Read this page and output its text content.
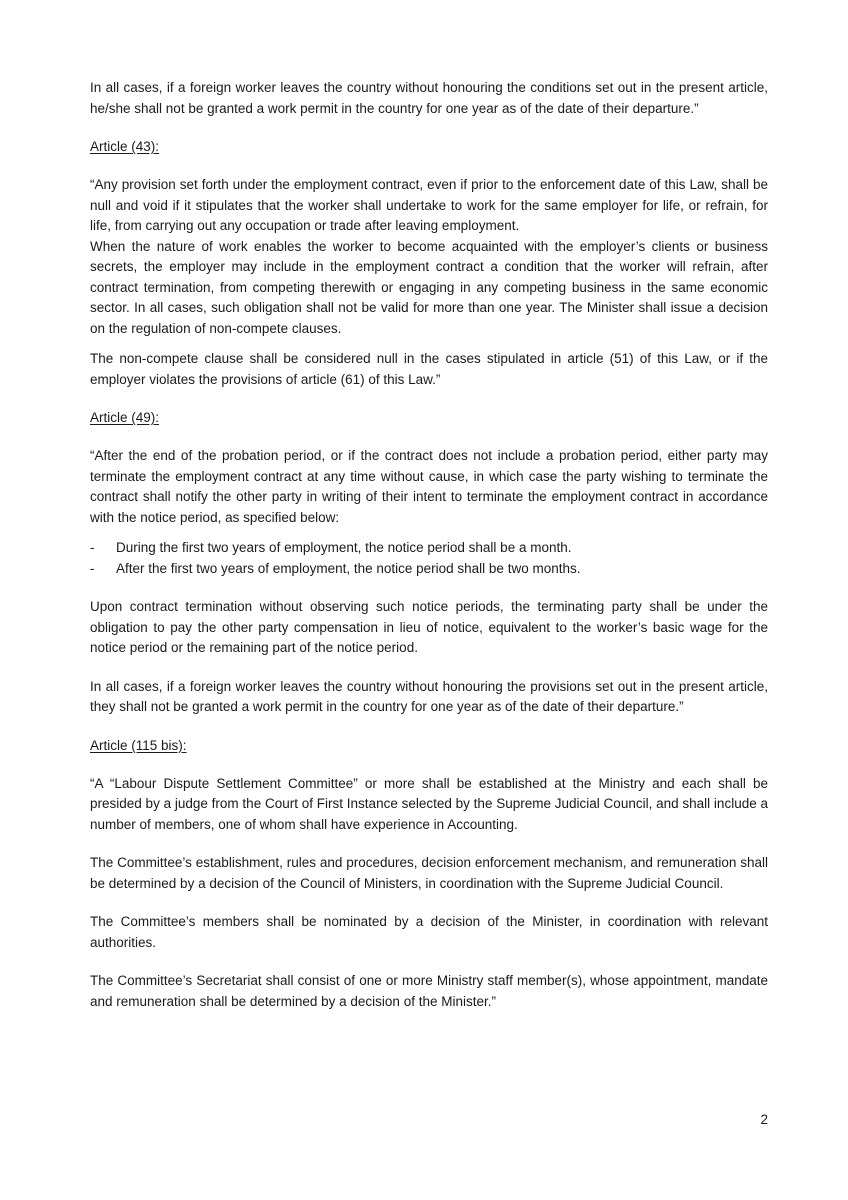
In all cases, if a foreign worker leaves the country without honouring the conditions set out in the present article, he/she shall not be granted a work permit in the country for one year as of the date of their departure.”

Article (43):

“Any provision set forth under the employment contract, even if prior to the enforcement date of this Law, shall be null and void if it stipulates that the worker shall undertake to work for the same employer for life, or refrain, for life, from carrying out any occupation or trade after leaving employment.

When the nature of work enables the worker to become acquainted with the employer’s clients or business secrets, the employer may include in the employment contract a condition that the worker will refrain, after contract termination, from competing therewith or engaging in any competing business in the same economic sector. In all cases, such obligation shall not be valid for more than one year. The Minister shall issue a decision on the regulation of non-compete clauses.

The non-compete clause shall be considered null in the cases stipulated in article (51) of this Law, or if the employer violates the provisions of article (61) of this Law.”

Article (49):

“After the end of the probation period, or if the contract does not include a probation period, either party may terminate the employment contract at any time without cause, in which case the party wishing to terminate the contract shall notify the other party in writing of their intent to terminate the employment contract in accordance with the notice period, as specified below:

-	During the first two years of employment, the notice period shall be a month.
-	After the first two years of employment, the notice period shall be two months.

Upon contract termination without observing such notice periods, the terminating party shall be under the obligation to pay the other party compensation in lieu of notice, equivalent to the worker’s basic wage for the notice period or the remaining part of the notice period.

In all cases, if a foreign worker leaves the country without honouring the provisions set out in the present article, they shall not be granted a work permit in the country for one year as of the date of their departure.”

Article (115 bis):

“A “Labour Dispute Settlement Committee” or more shall be established at the Ministry and each shall be presided by a judge from the Court of First Instance selected by the Supreme Judicial Council, and shall include a number of members, one of whom shall have experience in Accounting.

The Committee’s establishment, rules and procedures, decision enforcement mechanism, and remuneration shall be determined by a decision of the Council of Ministers, in coordination with the Supreme Judicial Council.

The Committee’s members shall be nominated by a decision of the Minister, in coordination with relevant authorities.

The Committee’s Secretariat shall consist of one or more Ministry staff member(s), whose appointment, mandate and remuneration shall be determined by a decision of the Minister.”

2
